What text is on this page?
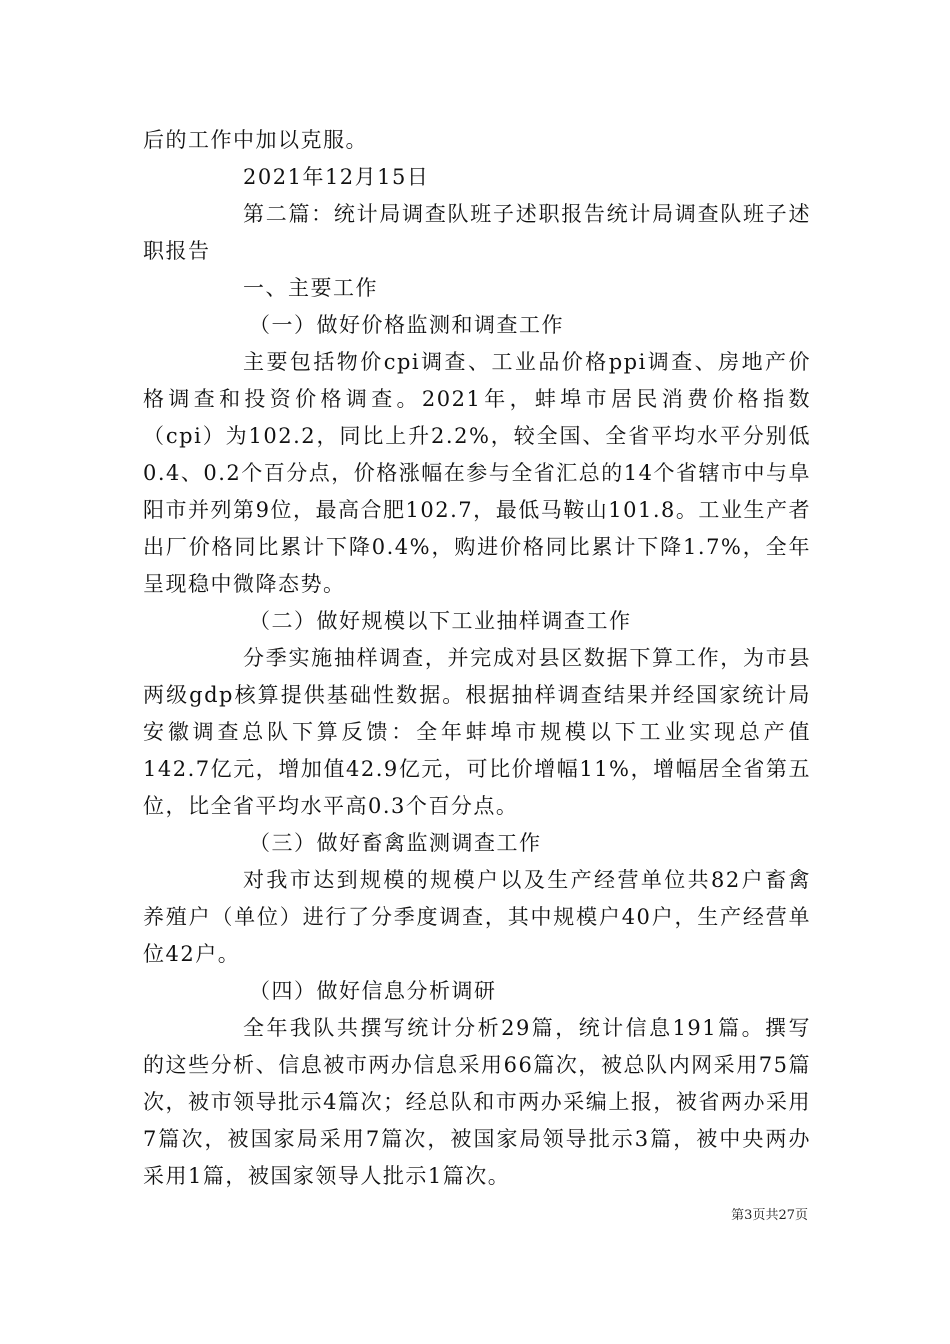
后的工作中加以克服。

2021年12月15日

第二篇：统计局调查队班子述职报告统计局调查队班子述职报告

一、主要工作

（一）做好价格监测和调查工作

主要包括物价cpi调查、工业品价格ppi调查、房地产价格调查和投资价格调查。2021年，蚌埠市居民消费价格指数（cpi）为102.2，同比上升2.2%，较全国、全省平均水平分别低0.4、0.2个百分点，价格涨幅在参与全省汇总的14个省辖市中与阜阳市并列第9位，最高合肥102.7，最低马鞍山101.8。工业生产者出厂价格同比累计下降0.4%，购进价格同比累计下降1.7%，全年呈现稳中微降态势。

（二）做好规模以下工业抽样调查工作

分季实施抽样调查，并完成对县区数据下算工作，为市县两级gdp核算提供基础性数据。根据抽样调查结果并经国家统计局安徽调查总队下算反馈：全年蚌埠市规模以下工业实现总产值142.7亿元，增加值42.9亿元，可比价增幅11%，增幅居全省第五位，比全省平均水平高0.3个百分点。

（三）做好畜禽监测调查工作

对我市达到规模的规模户以及生产经营单位共82户畜禽养殖户（单位）进行了分季度调查，其中规模户40户，生产经营单位42户。

（四）做好信息分析调研

全年我队共撰写统计分析29篇，统计信息191篇。撰写的这些分析、信息被市两办信息采用66篇次，被总队内网采用75篇次，被市领导批示4篇次；经总队和市两办采编上报，被省两办采用7篇次，被国家局采用7篇次，被国家局领导批示3篇，被中央两办采用1篇，被国家领导人批示1篇次。

第3页共27页
